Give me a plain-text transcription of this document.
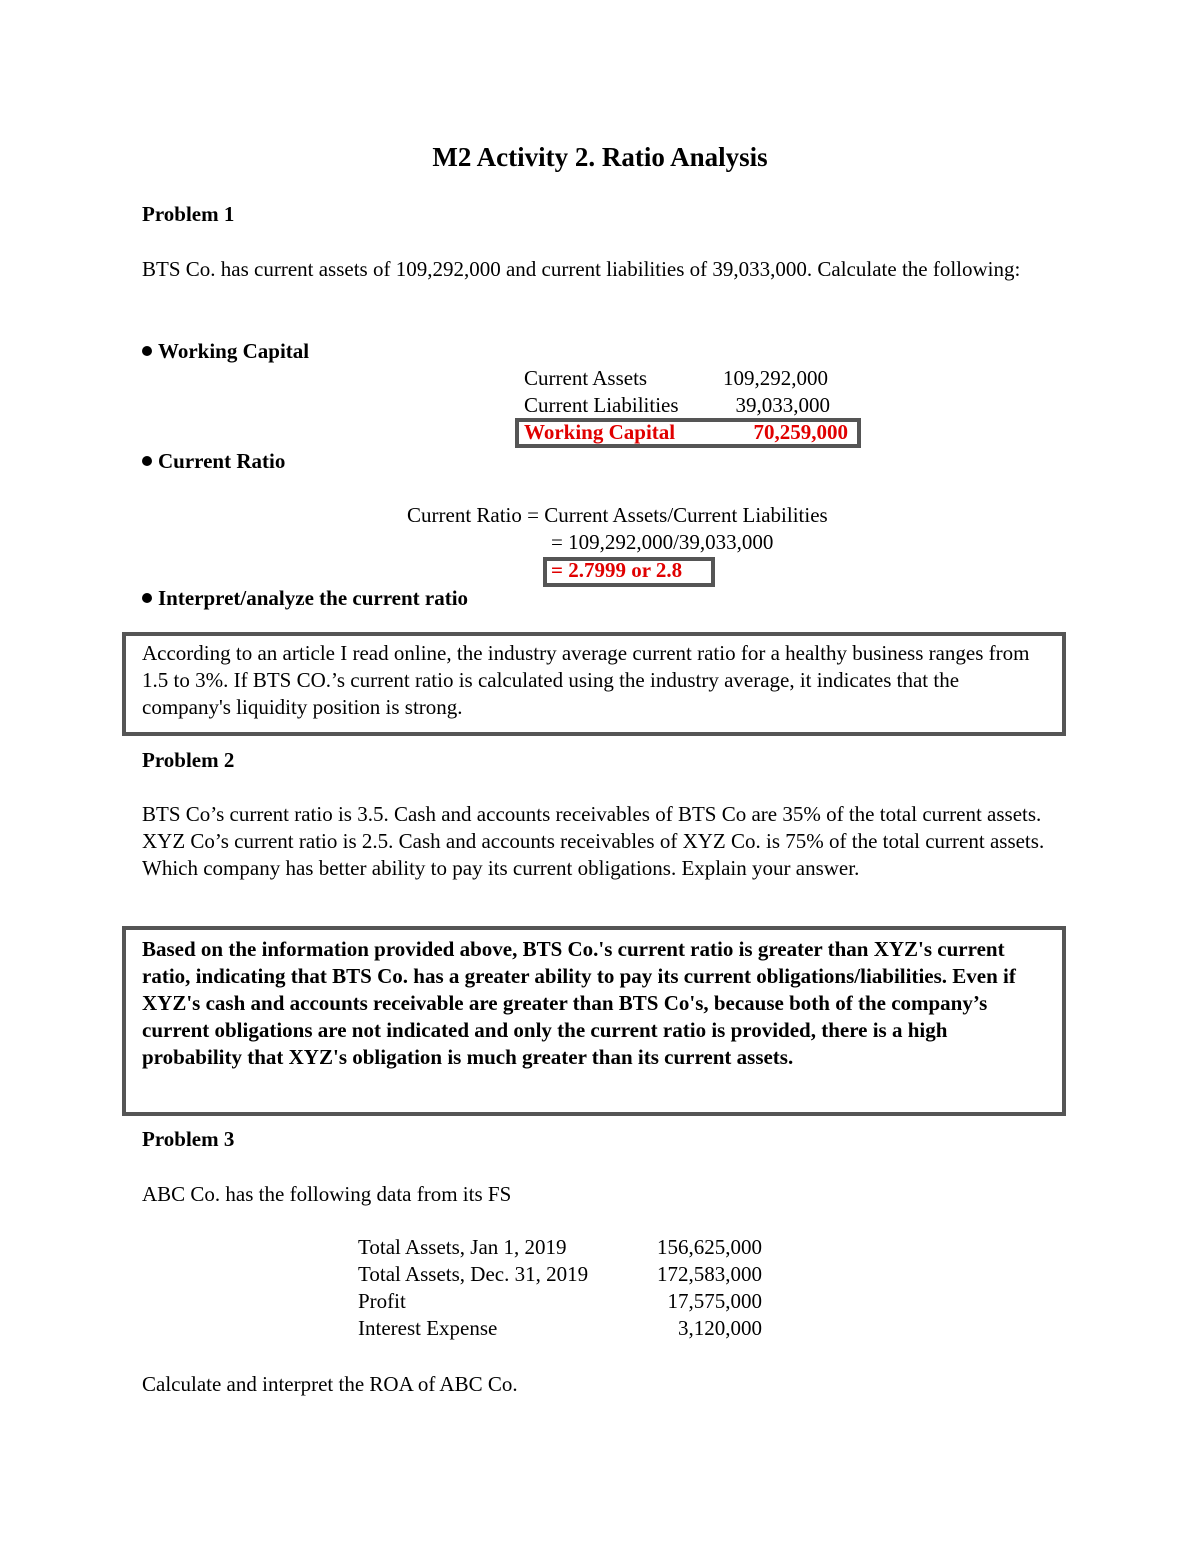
M2 Activity 2. Ratio Analysis
Problem 1
BTS Co. has current assets of 109,292,000 and current liabilities of 39,033,000. Calculate the following:
Working Capital
Current Assets	109,292,000
Current Liabilities	39,033,000
Working Capital	70,259,000
Current Ratio
Current Ratio = Current Assets/Current Liabilities
= 109,292,000/39,033,000
= 2.7999 or 2.8
Interpret/analyze the current ratio
According to an article I read online, the industry average current ratio for a healthy business ranges from 1.5 to 3%. If BTS CO.’s current ratio is calculated using the industry average, it indicates that the company's liquidity position is strong.
Problem 2
BTS Co’s current ratio is 3.5. Cash and accounts receivables of BTS Co are 35% of the total current assets. XYZ Co’s current ratio is 2.5. Cash and accounts receivables of XYZ Co. is 75% of the total current assets. Which company has better ability to pay its current obligations. Explain your answer.
Based on the information provided above, BTS Co.'s current ratio is greater than XYZ's current ratio, indicating that BTS Co. has a greater ability to pay its current obligations/liabilities. Even if XYZ's cash and accounts receivable are greater than BTS Co's, because both of the company’s current obligations are not indicated and only the current ratio is provided, there is a high probability that XYZ's obligation is much greater than its current assets.
Problem 3
ABC Co. has the following data from its FS
Total Assets, Jan 1, 2019	156,625,000
Total Assets, Dec. 31, 2019	172,583,000
Profit	17,575,000
Interest Expense	3,120,000
Calculate and interpret the ROA of ABC Co.
